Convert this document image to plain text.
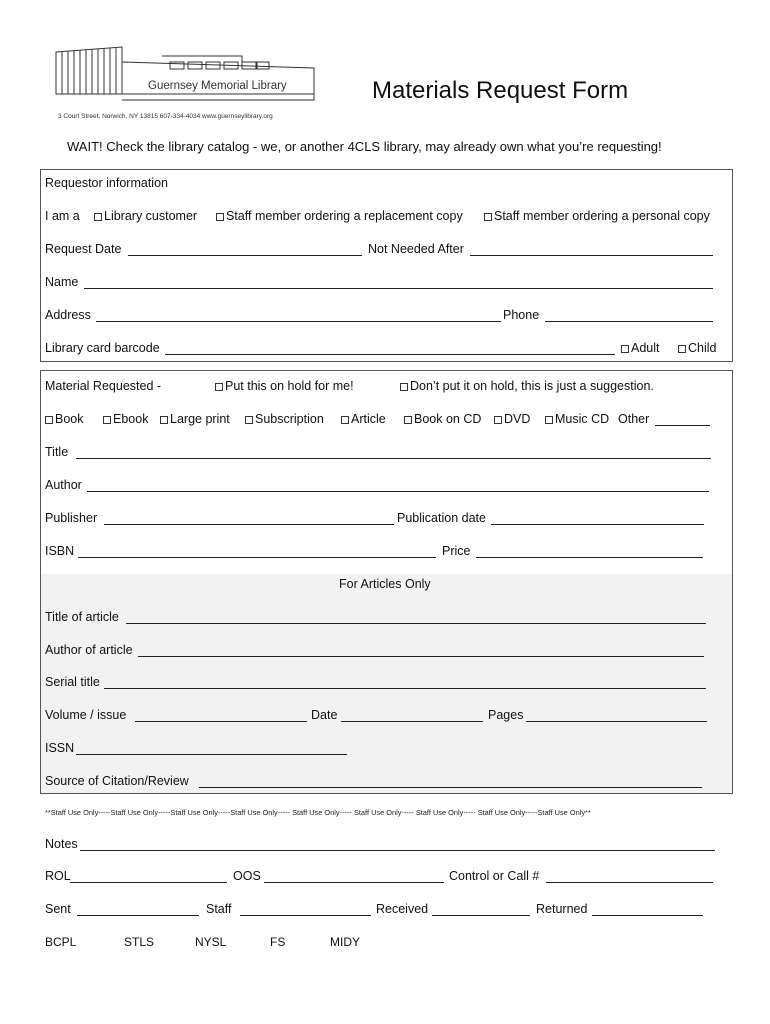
Guernsey Memorial Library
3 Court Street, Norwich, NY 13815 607-334-4034 www.guernseylibrary.org
Materials Request Form
WAIT! Check the library catalog - we, or another 4CLS library, may already own what you’re requesting!
Requestor information
I am a	Library customer	Staff member ordering a replacement copy	Staff member ordering a personal copy
Request Date	Not Needed After
Name
Address	Phone
Library card barcode	Adult	Child
Material Requested -	Put this on hold for me!	Don’t put it on hold, this is just a suggestion.
Book	Ebook	Large print	Subscription	Article	Book on CD	DVD	Music CD Other
Title
Author
Publisher	Publication date
ISBN	Price
For Articles Only
Title of article
Author of article
Serial title
Volume / issue	Date	Pages
ISSN
Source of Citation/Review
**Staff Use Only-----Staff Use Only-----Staff Use Only-----Staff Use Only----- Staff Use Only----- Staff Use Only----- Staff Use Only----- Staff Use Only-----Staff Use Only**
Notes
ROL	OOS	Control or Call #
Sent	Staff	Received	Returned
BCPL	STLS	NYSL	FS	MIDY
